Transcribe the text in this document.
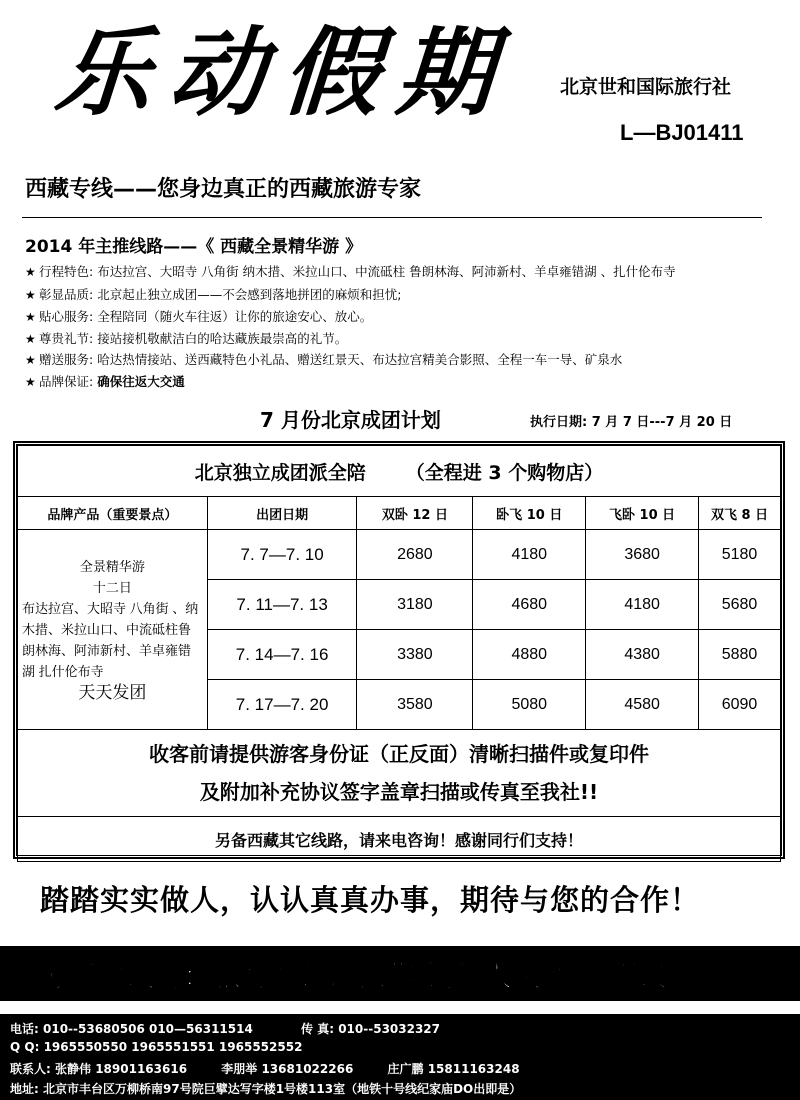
乐动假期	北京世和国际旅行社
L—BJ01411
西藏专线——您身边真正的西藏旅游专家
2014 年主推线路——《 西藏全景精华游 》
★ 行程特色: 布达拉宫、大昭寺 八角街 纳木措、米拉山口、中流砥柱 鲁朗林海、阿沛新村、羊卓雍错湖 、扎什伦布寺
★ 彰显品质: 北京起止独立成团——不会感到落地拼团的麻烦和担忧;
★ 贴心服务: 全程陪同（随火车往返）让你的旅途安心、放心。
★ 尊贵礼节: 接站接机敬献洁白的哈达藏族最崇高的礼节。
★ 赠送服务: 哈达热情接站、送西藏特色小礼品、赠送红景天、布达拉宫精美合影照、全程一车一导、矿泉水
★ 品牌保证: 确保往返大交通
7 月份北京成团计划	执行日期: 7 月 7 日---7 月 20 日
北京独立成团派全陪 （全程进 3 个购物店）					
品牌产品（重要景点）	出团日期	双卧 12 日	卧飞 10 日	飞卧 10 日	双飞 8 日

全景精华游
十二日
布达拉宫、大昭寺 八角街 、纳木措、米拉山口、中流砥柱鲁朗林海、阿沛新村、羊卓雍错湖 扎什伦布寺
天天发团	7. 7—7. 10	2680	4180	3680	5180
	7. 11—7. 13	3180	4680	4180	5680
	7. 14—7. 16	3380	4880	4380	5880
	7. 17—7. 20	3580	5080	4580	6090

收客前请提供游客身份证（正反面）清晰扫描件或复印件
及附加补充协议签字盖章扫描或传真至我社!!					

另备西藏其它线路，请来电咨询！感谢同行们支持！					
踏踏实实做人，认认真真办事，期待与您的合作！
另高薪诚聘：旅行社计调操作 销售人员 待遇面议
电话: 010--53680506 010—56311514	传 真: 010--53032327
Q Q: 1965550550 1965551551 1965552552
联系人: 张静伟 18901163616	李朋举 13681022266	庄广鹏 15811163248
地址: 北京市丰台区万柳桥南97号院巨擘达写字楼1号楼113室（地铁十号线纪家庙DO出即是）
